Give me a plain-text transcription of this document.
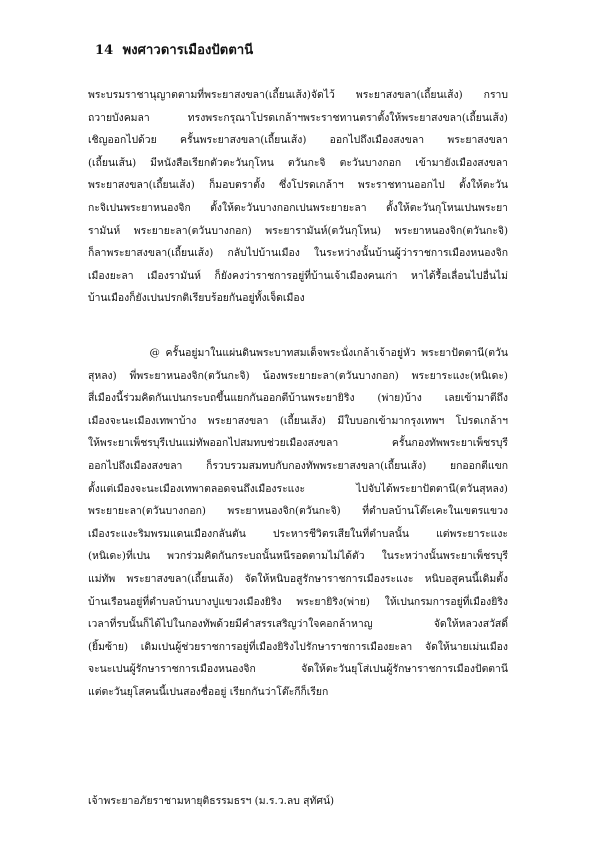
14 พงศาวดารเมืองปัตตานี
พระบรมราชานุญาตตามที่พระยาสงขลา(เถี้ยนเส้ง)จัดไว้ พระยาสงขลา(เถี้ยนเส้ง) กราบ
ถวายบังคมลา ทรงพระกรุณาโปรดเกล้าฯพระราชทานตราตั้งให้พระยาสงขลา(เถี้ยนเส้ง)
เชิญออกไปด้วย ครั้นพระยาสงขลา(เถี้ยนเส้ง) ออกไปถึงเมืองสงขลา พระยาสงขลา
(เถี้ยนเส้น) มีหนังสือเรียกตัวตะวันกุโหน ตวันกะจิ ตะวันบางกอก เข้ามายังเมืองสงขลา
พระยาสงขลา(เถี้ยนเส้ง) ก็มอบตราตั้ง ซึ่งโปรดเกล้าฯ พระราชทานออกไป ตั้งให้ตะวัน
กะจิเปนพระยาหนองจิก ตั้งให้ตะวันบางกอกเปนพระยายะลา ตั้งให้ตะวันกุโหนเปนพระยา
รามันห์ พระยายะลา(ตวันบางกอก) พระยารามันห์(ตวันกุโหน) พระยาหนองจิก(ตวันกะจิ)
ก็ลาพระยาสงขลา(เถี้ยนเส้ง) กลับไปบ้านเมือง ในระหว่างนั้นบ้านผู้ว่าราชการเมืองหนองจิก
เมืองยะลา เมืองรามันห์ ก็ยังคงว่าราชการอยู่ที่บ้านเจ้าเมืองคนเก่า หาได้รื้อเลื่อนไปอื่นไม่
บ้านเมืองก็ยังเปนปรกติเรียบร้อยกันอยู่ทั้งเจ็ดเมือง
@ ครั้นอยู่มาในแผ่นดินพระบาทสมเด็จพระนั่งเกล้าเจ้าอยู่หัว พระยาปัตตานี(ตวัน
สุหลง) พี่พระยาหนองจิก(ตวันกะจิ) น้องพระยายะลา(ตวันบางกอก) พระยาระแงะ(หนิเดะ)
สี่เมืองนี้ร่วมคิดกันเปนกระบถขึ้นแยกกันออกตีบ้านพระยายิริง (พ่าย)บ้าง เลยเข้ามาตีถึง
เมืองจะนะเมืองเทพาบ้าง พระยาสงขลา (เถี้ยนเส้ง) มีใบบอกเข้ามากรุงเทพฯ โปรดเกล้าฯ
ให้พระยาเพ็ชรบุรีเปนแม่ทัพออกไปสมทบช่วยเมืองสงขลา ครั้นกองทัพพระยาเพ็ชรบุรี
ออกไปถึงเมืองสงขลา ก็รวบรวมสมทบกับกองทัพพระยาสงขลา(เถี้ยนเส้ง) ยกออกตีแขก
ตั้งแต่เมืองจะนะเมืองเทพาตลอดจนถึงเมืองระแงะ ไปจับได้พระยาปัตตานี(ตวันสุหลง)
พระยายะลา(ตวันบางกอก) พระยาหนองจิก(ตวันกะจิ) ที่ตำบลบ้านโต๊ะเคะในเขตรแขวง
เมืองระแงะริมพรมแดนเมืองกลันตัน ประหารชีวิตรเสียในที่ตำบลนั้น แต่พระยาระแงะ
(หนิเดะ)ที่เปน พวกร่วมคิดกันกระบถนั้นหนีรอดตามไม่ได้ตัว ในระหว่างนั้นพระยาเพ็ชรบุรี
แม่ทัพ พระยาสงขลา(เถี้ยนเส้ง) จัดให้หนิบอสูรักษาราชการเมืองระแงะ หนิบอสูคนนี้เดิมตั้ง
บ้านเรือนอยู่ที่ตำบลบ้านบางปูแขวงเมืองยิริง พระยายิริง(พ่าย) ให้เปนกรมการอยู่ที่เมืองยิริง
เวลาที่รบนั้นก็ได้ไปในกองทัพด้วยมีคำสรรเสริญว่าใจคอกล้าหาญ จัดให้หลวงสวัสดิ์
(ยิ้มซ้าย) เดิมเปนผู้ช่วยราชการอยู่ที่เมืองยิริงไปรักษาราชการเมืองยะลา จัดให้นายเม่นเมือง
จะนะเปนผู้รักษาราชการเมืองหนองจิก จัดให้ตะวันยุโส่เปนผู้รักษาราชการเมืองปัตตานี
แต่ตะวันยุโสคนนี้เปนสองชื่ออยู่ เรียกกันว่าโต๊ะกีก็เรียก
เจ้าพระยาอภัยราชามหายุติธรรมธรฯ (ม.ร.ว.ลบ สุทัศน์)
